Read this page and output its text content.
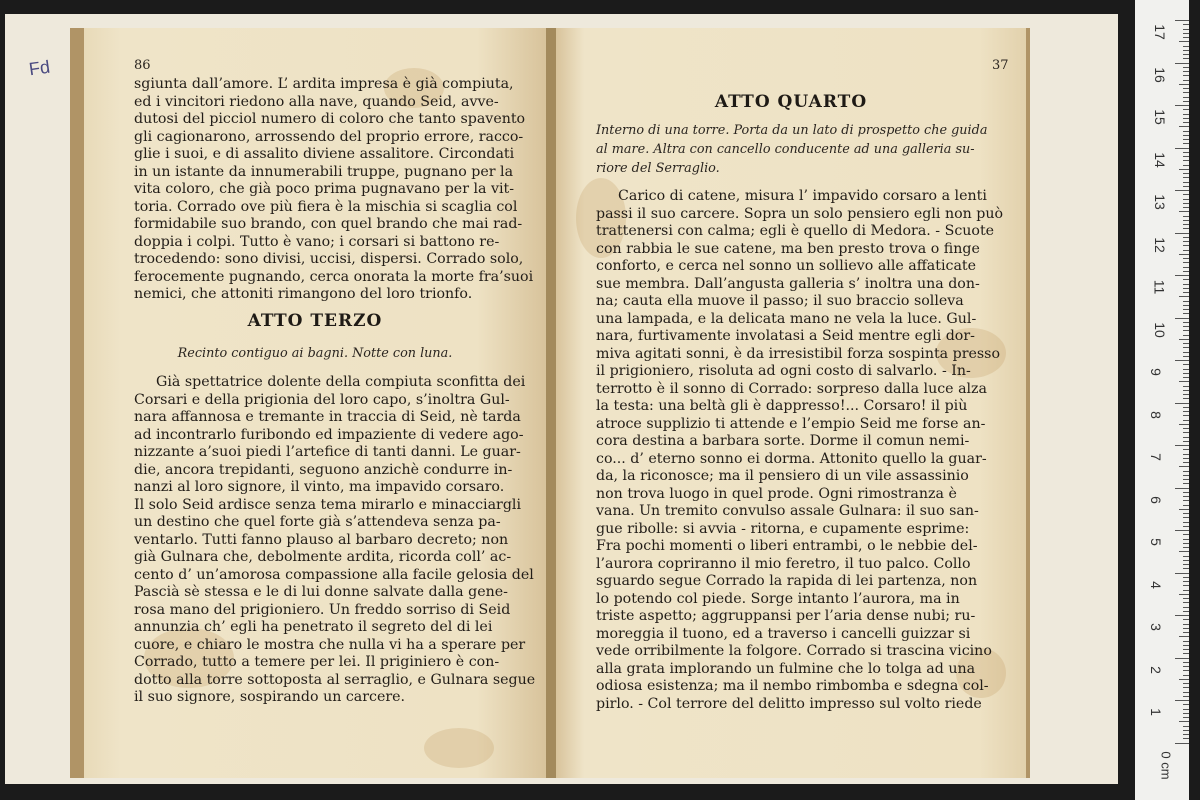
Fd	86
sgiunta dall’amore. L’ ardita impresa è già compiuta,
ed i vincitori riedono alla nave, quando Seid, avve-
dutosi del picciol numero di coloro che tanto spavento
gli cagionarono, arrossendo del proprio errore, racco-
glie i suoi, e di assalito diviene assalitore. Circondati
in un istante da innumerabili truppe, pugnano per la
vita coloro, che già poco prima pugnavano per la vit-
toria. Corrado ove più fiera è la mischia si scaglia col
formidabile suo brando, con quel brando che mai rad-
doppia i colpi. Tutto è vano; i corsari si battono re-
trocedendo: sono divisi, uccisi, dispersi. Corrado solo,
ferocemente pugnando, cerca onorata la morte fra’suoi
nemici, che attoniti rimangono del loro trionfo.
ATTO TERZO
Recinto contiguo ai bagni. Notte con luna.
Già spettatrice dolente della compiuta sconfitta dei
Corsari e della prigionia del loro capo, s’inoltra Gul-
nara affannosa e tremante in traccia di Seid, nè tarda
ad incontrarlo furibondo ed impaziente di vedere ago-
nizzante a’suoi piedi l’artefice di tanti danni. Le guar-
die, ancora trepidanti, seguono anzichè condurre in-
nanzi al loro signore, il vinto, ma impavido corsaro.
Il solo Seid ardisce senza tema mirarlo e minacciargli
un destino che quel forte già s’attendeva senza pa-
ventarlo. Tutti fanno plauso al barbaro decreto; non
già Gulnara che, debolmente ardita, ricorda coll’ ac-
cento d’ un’amorosa compassione alla facile gelosia del
Pascià sè stessa e le di lui donne salvate dalla gene-
rosa mano del prigioniero. Un freddo sorriso di Seid
annunzia ch’ egli ha penetrato il segreto del di lei
cuore, e chiaro le mostra che nulla vi ha a sperare per
Corrado, tutto a temere per lei. Il priginiero è con-
dotto alla torre sottoposta al serraglio, e Gulnara segue
il suo signore, sospirando un carcere.
37
ATTO QUARTO
Interno di una torre. Porta da un lato di prospetto che guida
al mare. Altra con cancello conducente ad una galleria su-
riore del Serraglio.
Carico di catene, misura l’ impavido corsaro a lenti
passi il suo carcere. Sopra un solo pensiero egli non può
trattenersi con calma; egli è quello di Medora. - Scuote
con rabbia le sue catene, ma ben presto trova o finge
conforto, e cerca nel sonno un sollievo alle affaticate
sue membra. Dall’angusta galleria s’ inoltra una don-
na; cauta ella muove il passo; il suo braccio solleva
una lampada, e la delicata mano ne vela la luce. Gul-
nara, furtivamente involatasi a Seid mentre egli dor-
miva agitati sonni, è da irresistibil forza sospinta presso
il prigioniero, risoluta ad ogni costo di salvarlo. - In-
terrotto è il sonno di Corrado: sorpreso dalla luce alza
la testa: una beltà gli è dappresso!... Corsaro! il più
atroce supplizio ti attende e l’empio Seid me forse an-
cora destina a barbara sorte. Dorme il comun nemi-
co... d’ eterno sonno ei dorma. Attonito quello la guar-
da, la riconosce; ma il pensiero di un vile assassinio
non trova luogo in quel prode. Ogni rimostranza è
vana. Un tremito convulso assale Gulnara: il suo san-
gue ribolle: si avvia - ritorna, e cupamente esprime:
Fra pochi momenti o liberi entrambi, o le nebbie del-
l’aurora copriranno il mio feretro, il tuo palco. Collo
sguardo segue Corrado la rapida di lei partenza, non
lo potendo col piede. Sorge intanto l’aurora, ma in
triste aspetto; aggruppansi per l’aria dense nubi; ru-
moreggia il tuono, ed a traverso i cancelli guizzar si
vede orribilmente la folgore. Corrado si trascina vicino
alla grata implorando un fulmine che lo tolga ad una
odiosa esistenza; ma il nembo rimbomba e sdegna col-
pirlo. - Col terrore del delitto impresso sul volto riede
0 cm
17
16
15
14
13
12
11
10
9
8
7
6
5
4
3
2
1
